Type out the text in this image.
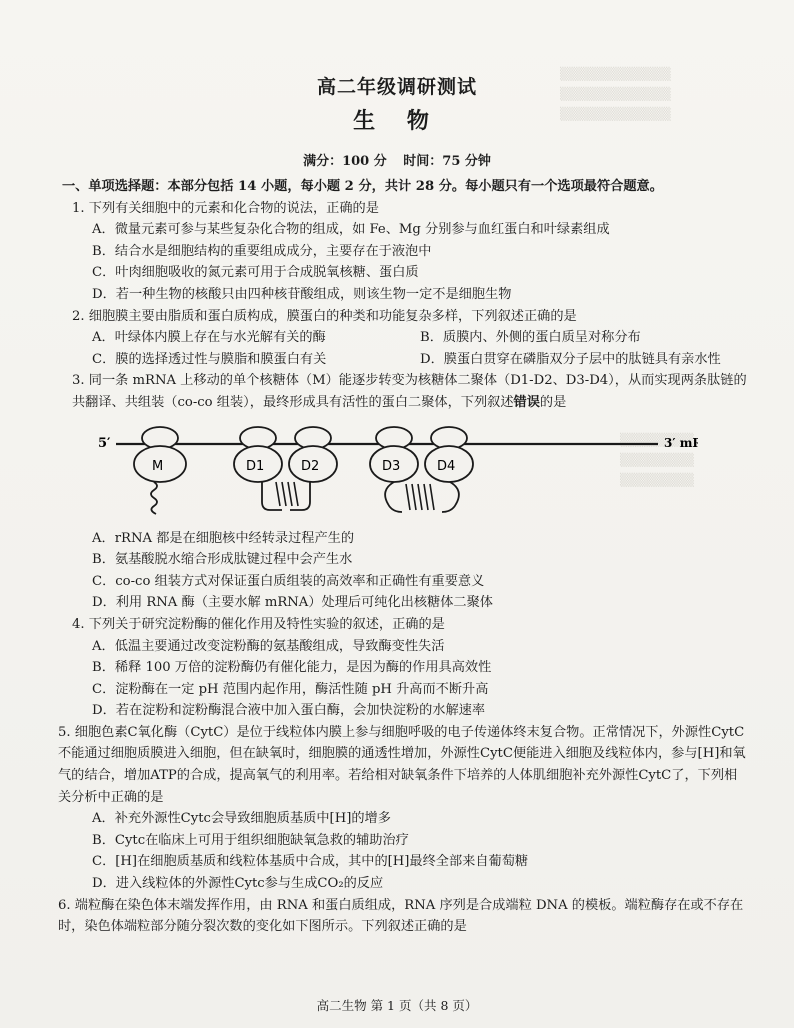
▒▒▒▒▒▒▒▒▒▒▒▒
▒▒▒▒▒▒▒▒▒▒▒▒
▒▒▒▒▒▒▒▒▒▒▒▒
▒▒▒▒▒▒▒▒
▒▒▒▒▒▒▒▒
▒▒▒▒▒▒▒▒
高二年级调研测试
生 物
满分：100 分 时间：75 分钟
一、单项选择题：本部分包括 14 小题，每小题 2 分，共计 28 分。每小题只有一个选项最符合题意。
1. 下列有关细胞中的元素和化合物的说法，正确的是
A．微量元素可参与某些复杂化合物的组成，如 Fe、Mg 分别参与血红蛋白和叶绿素组成
B．结合水是细胞结构的重要组成成分，主要存在于液泡中
C．叶肉细胞吸收的氮元素可用于合成脱氧核糖、蛋白质
D．若一种生物的核酸只由四种核苷酸组成，则该生物一定不是细胞生物
2. 细胞膜主要由脂质和蛋白质构成，膜蛋白的种类和功能复杂多样，下列叙述正确的是
A．叶绿体内膜上存在与水光解有关的酶	B．质膜内、外侧的蛋白质呈对称分布
C．膜的选择透过性与膜脂和膜蛋白有关	D．膜蛋白贯穿在磷脂双分子层中的肽链具有亲水性
3. 同一条 mRNA 上移动的单个核糖体（M）能逐步转变为核糖体二聚体（D1-D2、D3-D4），从而实现两条肽链的共翻译、共组装（co-co 组装），最终形成具有活性的蛋白二聚体，下列叙述错误的是
5′	3′ mR
M	D1	D2	D3	D4
A．rRNA 都是在细胞核中经转录过程产生的
B．氨基酸脱水缩合形成肽键过程中会产生水
C．co-co 组装方式对保证蛋白质组装的高效率和正确性有重要意义
D．利用 RNA 酶（主要水解 mRNA）处理后可纯化出核糖体二聚体
4. 下列关于研究淀粉酶的催化作用及特性实验的叙述，正确的是
A．低温主要通过改变淀粉酶的氨基酸组成，导致酶变性失活
B．稀释 100 万倍的淀粉酶仍有催化能力，是因为酶的作用具高效性
C．淀粉酶在一定 pH 范围内起作用，酶活性随 pH 升高而不断升高
D．若在淀粉和淀粉酶混合液中加入蛋白酶，会加快淀粉的水解速率
5. 细胞色素C氧化酶（CytC）是位于线粒体内膜上参与细胞呼吸的电子传递体终末复合物。正常情况下，外源性CytC不能通过细胞质膜进入细胞，但在缺氧时，细胞膜的通透性增加，外源性CytC便能进入细胞及线粒体内，参与[H]和氧气的结合，增加ATP的合成，提高氧气的利用率。若给相对缺氧条件下培养的人体肌细胞补充外源性CytC了，下列相关分析中正确的是
A．补充外源性Cytc会导致细胞质基质中[H]的增多
B．Cytc在临床上可用于组织细胞缺氧急救的辅助治疗
C．[H]在细胞质基质和线粒体基质中合成，其中的[H]最终全部来自葡萄糖
D．进入线粒体的外源性Cytc参与生成CO₂的反应
6. 端粒酶在染色体末端发挥作用，由 RNA 和蛋白质组成，RNA 序列是合成端粒 DNA 的模板。端粒酶存在或不存在时，染色体端粒部分随分裂次数的变化如下图所示。下列叙述正确的是
高二生物 第 1 页（共 8 页）
